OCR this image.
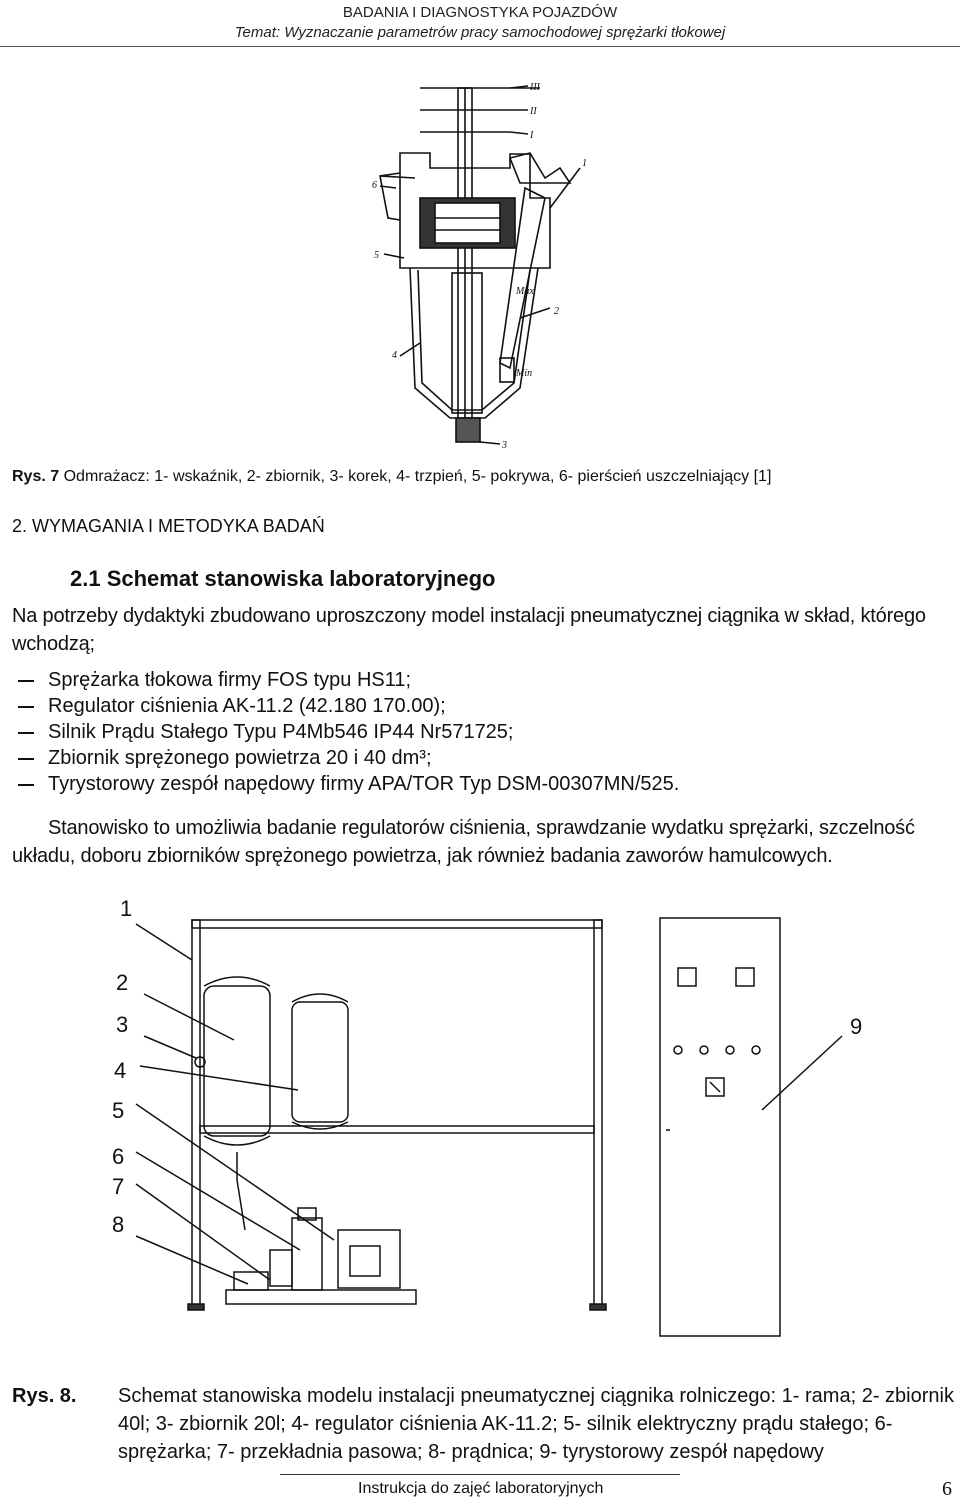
BADANIA I DIAGNOSTYKA POJAZDÓW
Temat: Wyznaczanie parametrów pracy samochodowej sprężarki tłokowej
III
II
I
1
6
5
4
2
3
Max
Min
Rys. 7 Odmrażacz: 1- wskaźnik, 2- zbiornik, 3- korek, 4- trzpień, 5- pokrywa, 6- pierścień uszczelniający [1]
2. WYMAGANIA I METODYKA BADAŃ
2.1 Schemat stanowiska laboratoryjnego
Na potrzeby dydaktyki zbudowano uproszczony model instalacji pneumatycznej ciągnika w skład, którego wchodzą;
Sprężarka tłokowa firmy FOS typu HS11;
Regulator ciśnienia AK-11.2 (42.180 170.00);
Silnik Prądu Stałego Typu P4Mb546 IP44 Nr571725;
Zbiornik sprężonego powietrza 20 i 40 dm³;
Tyrystorowy zespół napędowy firmy APA/TOR Typ DSM-00307MN/525.
Stanowisko to umożliwia badanie regulatorów ciśnienia, sprawdzanie wydatku sprężarki, szczelność układu, doboru zbiorników sprężonego powietrza, jak również badania zaworów hamulcowych.
1
2
3
4
5
6
7
8
9
Rys. 8. Schemat stanowiska modelu instalacji pneumatycznej ciągnika rolniczego: 1- rama; 2- zbiornik 40l; 3- zbiornik 20l; 4- regulator ciśnienia AK-11.2; 5- silnik elektryczny prądu stałego; 6- sprężarka; 7- przekładnia pasowa; 8- prądnica; 9- tyrystorowy zespół napędowy
Instrukcja do zajęć laboratoryjnych	6
